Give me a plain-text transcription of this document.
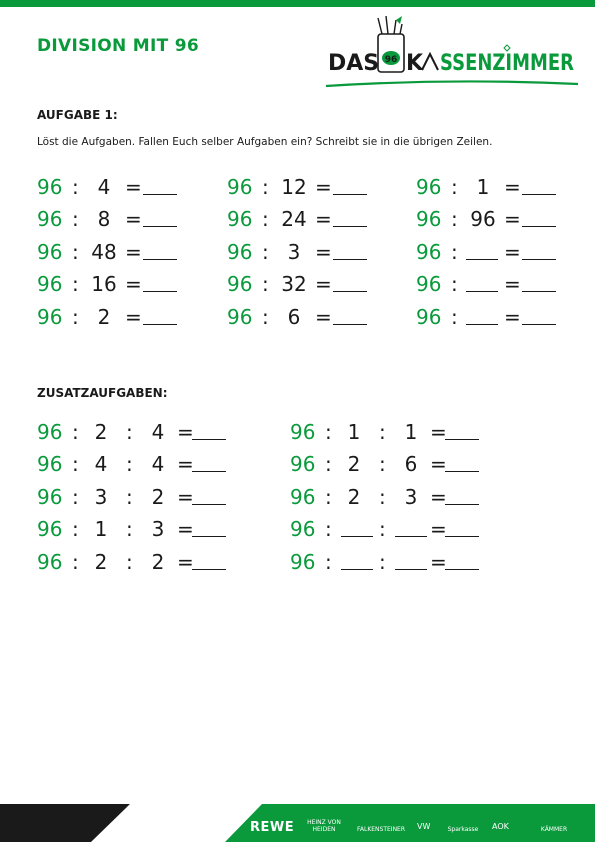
DIVISION MIT 96
96
DAS K SSENZIMMER
AUFGABE 1:
Löst die Aufgaben. Fallen Euch selber Aufgaben ein? Schreibt sie in die übrigen Zeilen.
ZUSATZAUFGABEN:
REWE	HEINZ VON HEIDEN	FALKENSTEINER VW	Sparkasse	AOK	KÄMMER
96 : 4 =
96 : 8 =
96 : 48 =
96 : 16 =
96 : 2 =
96 : 12 =
96 : 24 =
96 : 3 =
96 : 32 =
96 : 6 =
96 : 1 =
96 : 96 =
96 : =
96 : =
96 : =
96 : 2 : 4 =
96 : 4 : 4 =
96 : 3 : 2 =
96 : 1 : 3 =
96 : 2 : 2 =
96 : 1 : 1 =
96 : 2 : 6 =
96 : 2 : 3 =
96 : : =
96 : : =
